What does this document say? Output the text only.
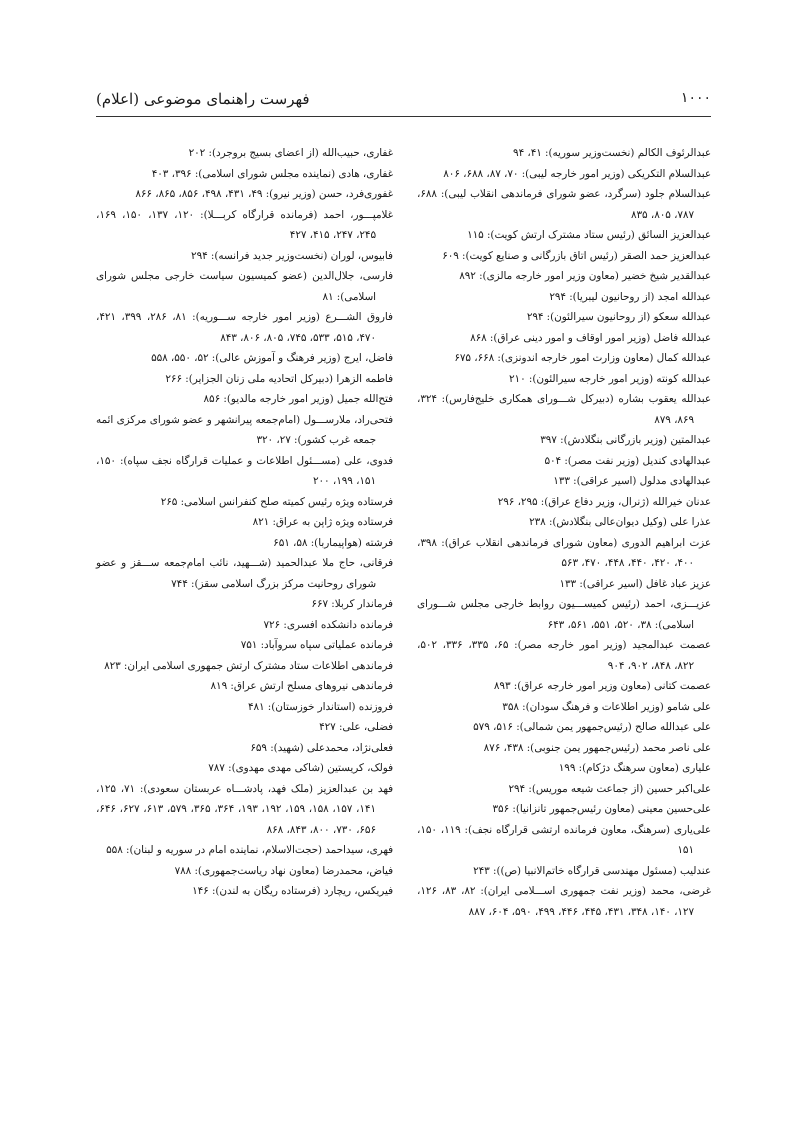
۱۰۰۰
فهرست راهنمای موضوعی (اعلام)

عبدالرئوف الکالم (نخست‌وزیر سوریه): ۴۱، ۹۴

عبدالسلام التکریکی (وزیر امور خارجه لیبی): ۷۰، ۸۷، ۶۸۸، ۸۰۶

عبدالسلام جلود (سرگرد، عضو شورای فرماندهی انقلاب لیبی): ۶۸۸، ۷۸۷، ۸۰۵، ۸۳۵

عبدالعزیز السائق (رئیس ستاد مشترک ارتش کویت): ۱۱۵

عبدالعزیز حمد الصقر (رئیس اتاق بازرگانی و صنایع کویت): ۶۰۹

عبدالقدیر شیخ خضیر (معاون وزیر امور خارجه مالزی): ۸۹۲

عبدالله امجد (از روحانیون لیبریا): ۲۹۴

عبدالله سعکو (از روحانیون سیرالئون): ۲۹۴

عبدالله فاضل (وزیر امور اوقاف و امور دینی عراق): ۸۶۸

عبدالله کمال (معاون وزارت امور خارجه اندونزی): ۶۶۸، ۶۷۵

عبدالله کونته (وزیر امور خارجه سیرالئون): ۲۱۰

عبدالله یعقوب بشاره (دبیرکل شـــورای همکاری خلیج‌فارس): ۳۲۴، ۸۶۹، ۸۷۹

عبدالمتین (وزیر بازرگانی بنگلادش): ۳۹۷

عبدالهادی کندیل (وزیر نفت مصر): ۵۰۴

عبدالهادی مدلول (اسیر عراقی): ۱۳۳

عدنان خیرالله (ژنرال، وزیر دفاع عراق): ۲۹۵، ۲۹۶

عذرا علی (وکیل دیوان‌عالی بنگلادش): ۲۳۸

عزت ابراهیم الدوری (معاون شورای فرماندهی انقلاب عراق): ۳۹۸، ۴۰۰، ۴۲۰، ۴۴۰، ۴۴۸، ۴۷۰، ۵۶۳

عزیز عباد غافل (اسیر عراقی): ۱۳۳

عزیـــزی، احمد (رئیس کمیســـیون روابط خارجی مجلس شـــورای اسلامی): ۳۸، ۵۲۰، ۵۵۱، ۵۶۱، ۶۴۳

عصمت عبدالمجید (وزیر امور خارجه مصر): ۶۵، ۳۳۵، ۳۳۶، ۵۰۲، ۸۲۲، ۸۴۸، ۹۰۲، ۹۰۴

عصمت کتانی (معاون وزیر امور خارجه عراق): ۸۹۳

علی شامو (وزیر اطلاعات و فرهنگ سودان): ۳۵۸

علی عبدالله صالح (رئیس‌جمهور یمن شمالی): ۵۱۶، ۵۷۹

علی ناصر محمد (رئیس‌جمهور یمن جنوبی): ۴۳۸، ۸۷۶

علیاری (معاون سرهنگ دژکام): ۱۹۹

علی‌اکبر حسین (از جماعت شیعه موریس): ۲۹۴

علی‌حسین معینی (معاون رئیس‌جمهور تانزانیا): ۳۵۶

علی‌یاری (سرهنگ، معاون فرمانده ارتشی قرارگاه نجف): ۱۱۹، ۱۵۰، ۱۵۱

عندلیب (مسئول مهندسی قرارگاه خاتم‌الانبیا (ص)): ۲۴۳

غرضی، محمد (وزیر نفت جمهوری اســـلامی ایران): ۸۲، ۸۳، ۱۲۶، ۱۲۷، ۱۴۰، ۳۴۸، ۴۳۱، ۴۴۵، ۴۴۶، ۴۹۹، ۵۹۰، ۶۰۴، ۸۸۷

غفاری، حبیب‌الله (از اعضای بسیج بروجرد): ۲۰۲

غفاری، هادی (نماینده مجلس شورای اسلامی): ۳۹۶، ۴۰۳

غفوری‌فرد، حسن (وزیر نیرو): ۴۹، ۴۳۱، ۴۹۸، ۸۵۶، ۸۶۵، ۸۶۶

غلامپـــور، احمد (فرمانده قرارگاه کربـــلا): ۱۲۰، ۱۳۷، ۱۵۰، ۱۶۹، ۲۴۵، ۲۴۷، ۴۱۵، ۴۲۷

فابیوس، لوران (نخست‌وزیر جدید فرانسه): ۲۹۴

فارسی، جلال‌الدین (عضو کمیسیون سیاست خارجی مجلس شورای اسلامی): ۸۱

فاروق الشـــرع (وزیر امور خارجه ســـوریه): ۸۱، ۲۸۶، ۳۹۹، ۴۲۱، ۴۷۰، ۵۱۵، ۵۳۳، ۷۴۵، ۸۰۵، ۸۰۶، ۸۴۳

فاضل، ایرج (وزیر فرهنگ و آموزش عالی): ۵۲، ۵۵۰، ۵۵۸

فاطمه الزهرا (دبیرکل اتحادیه ملی زنان الجزایر): ۲۶۶

فتح‌الله جمیل (وزیر امور خارجه مالدیو): ۸۵۶

فتحی‌راد، ملارســـول (امام‌جمعه پیرانشهر و عضو شورای مرکزی ائمه جمعه غرب کشور): ۲۷، ۳۲۰

فدوی، علی (مســـئول اطلاعات و عملیات قرارگاه نجف سپاه): ۱۵۰، ۱۵۱، ۱۹۹، ۲۰۰

فرستاده ویژه رئیس کمیته صلح کنفرانس اسلامی: ۲۶۵

فرستاده ویژه ژاپن به عراق: ۸۲۱

فرشته (هواپیمار‌با): ۵۸، ۶۵۱

فرقانی، حاج ملا عبدالحمید (شـــهید، نائب امام‌جمعه ســـقز و عضو شورای روحانیت مرکز بزرگ اسلامی سقز): ۷۴۴

فرماندار کربلا: ۶۶۷

فرمانده دانشکده افسری: ۷۲۶

فرمانده عملیاتی سپاه سروآباد: ۷۵۱

فرماندهی اطلاعات ستاد مشترک ارتش جمهوری اسلامی ایران: ۸۲۳

فرماندهی نیروهای مسلح ارتش عراق: ۸۱۹

فروزنده (استاندار خوزستان): ۴۸۱

فضلی، علی: ۴۲۷

فعلی‌نژاد، محمدعلی (شهید): ۶۵۹

فولک، کریستین (شاکی مهدی مهدوی): ۷۸۷

فهد بن عبدالعزیز (ملک فهد، پادشـــاه عربستان سعودی): ۷۱، ۱۲۵، ۱۴۱، ۱۵۷، ۱۵۸، ۱۵۹، ۱۹۲، ۱۹۳، ۳۶۴، ۳۶۵، ۵۷۹، ۶۱۳، ۶۲۷، ۶۴۶، ۶۵۶، ۷۳۰، ۸۰۰، ۸۴۳، ۸۶۸

فهری، سیداحمد (حجت‌الاسلام، نماینده امام در سوریه و لبنان): ۵۵۸

فیاض، محمدرضا (معاون نهاد ریاست‌جمهوری): ۷۸۸

فیریکس، ریچارد (فرستاده ریگان به لندن): ۱۴۶
